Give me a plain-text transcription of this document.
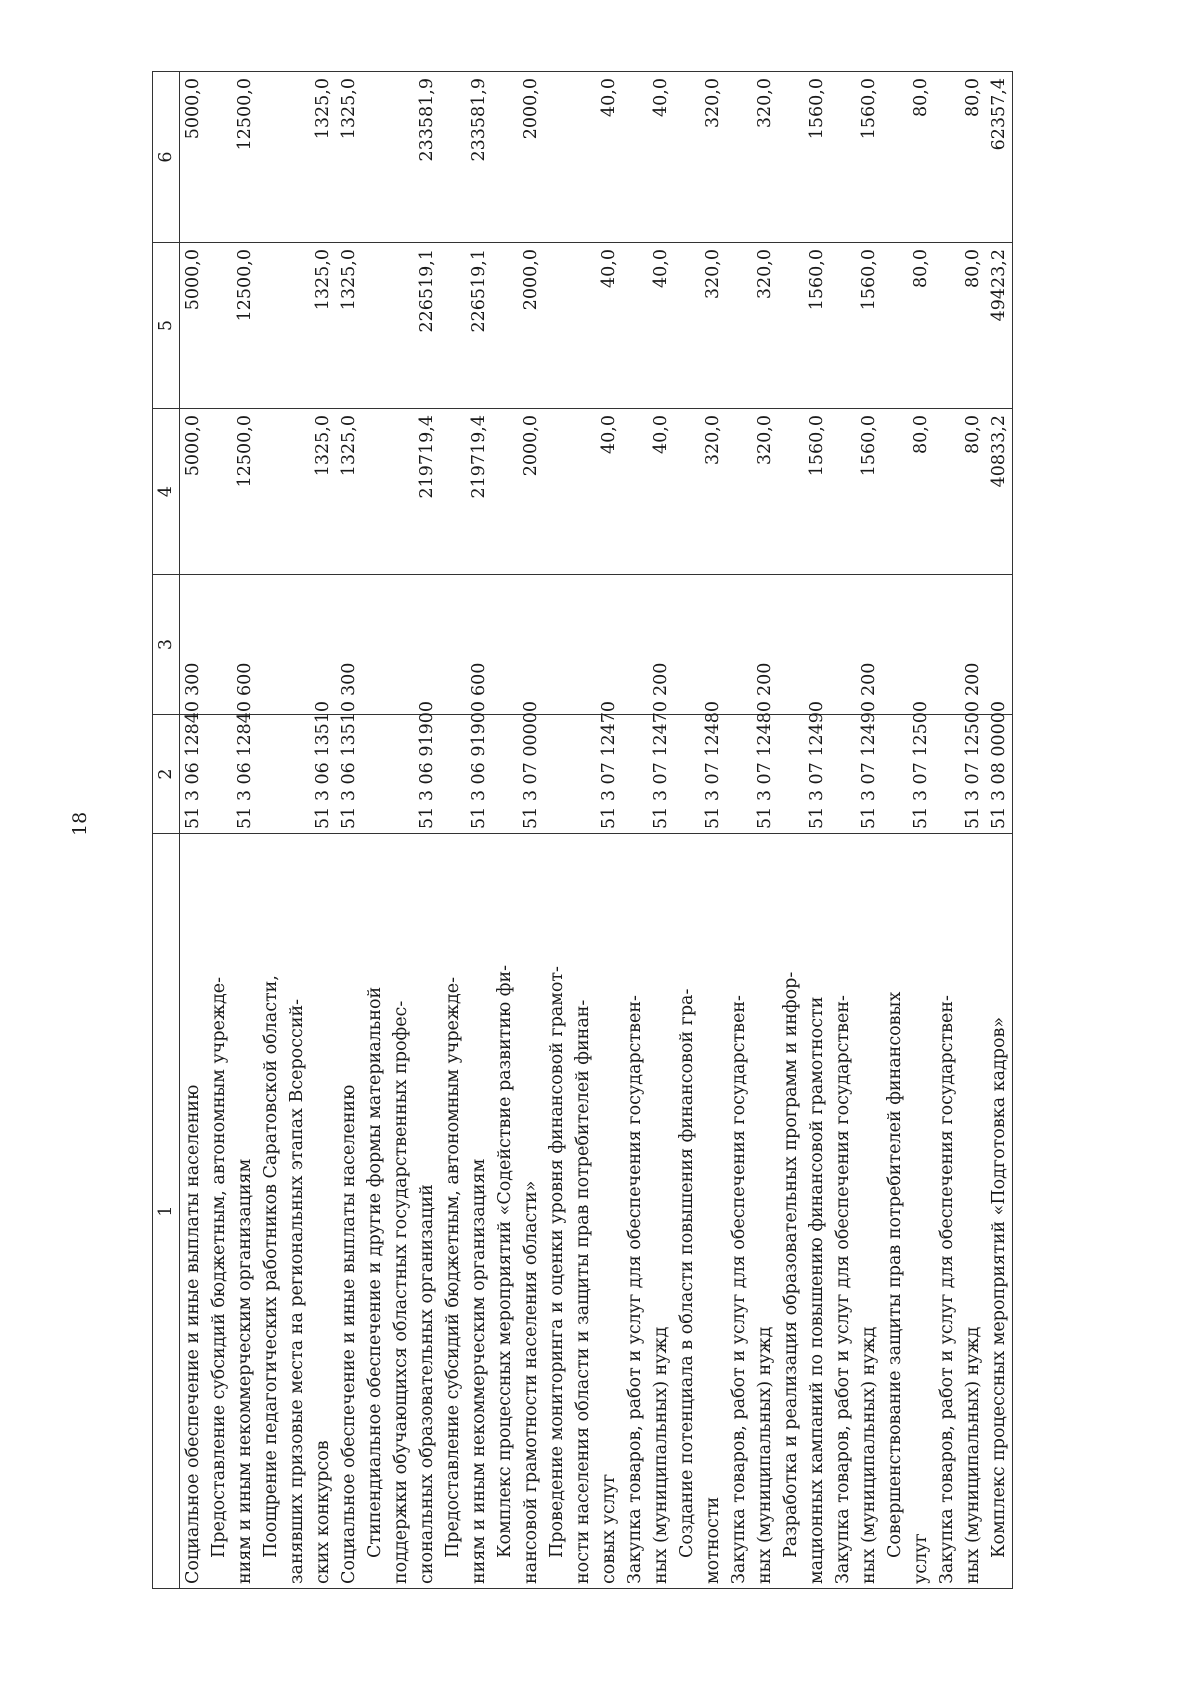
18
1	2	3	4	5	6

Социальное обеспечение и иные выплаты населению	51 3 06 12840	300	5000,0	5000,0	5000,0

Предоставление субсидий бюджетным, автономным учрежде- ниям и иным некоммерческим организациям	51 3 06 12840	600	12500,0	12500,0	12500,0

Поощрение педагогических работников Саратовской области, занявших призовые места на региональных этапах Всероссий- ских конкурсов	51 3 06 13510		1325,0	1325,0	1325,0

Социальное обеспечение и иные выплаты населению	51 3 06 13510	300	1325,0	1325,0	1325,0

Стипендиальное обеспечение и другие формы материальной поддержки обучающихся областных государственных профес- сиональных образовательных организаций	51 3 06 91900		219719,4	226519,1	233581,9

Предоставление субсидий бюджетным, автономным учрежде- ниям и иным некоммерческим организациям	51 3 06 91900	600	219719,4	226519,1	233581,9

Комплекс процессных мероприятий «Содействие развитию фи- нансовой грамотности населения области»	51 3 07 00000		2000,0	2000,0	2000,0

Проведение мониторинга и оценки уровня финансовой грамот- ности населения области и защиты прав потребителей финан- совых услуг	51 3 07 12470		40,0	40,0	40,0

Закупка товаров, работ и услуг для обеспечения государствен- ных (муниципальных) нужд	51 3 07 12470	200	40,0	40,0	40,0

Создание потенциала в области повышения финансовой гра- мотности	51 3 07 12480		320,0	320,0	320,0

Закупка товаров, работ и услуг для обеспечения государствен- ных (муниципальных) нужд	51 3 07 12480	200	320,0	320,0	320,0

Разработка и реализация образовательных программ и инфор- мационных кампаний по повышению финансовой грамотности	51 3 07 12490		1560,0	1560,0	1560,0

Закупка товаров, работ и услуг для обеспечения государствен- ных (муниципальных) нужд	51 3 07 12490	200	1560,0	1560,0	1560,0

Совершенствование защиты прав потребителей финансовых
услуг	51 3 07 12500		80,0	80,0	80,0

Закупка товаров, работ и услуг для обеспечения государствен- ных (муниципальных) нужд	51 3 07 12500	200	80,0	80,0	80,0

Комплекс процессных мероприятий «Подготовка кадров»	51 3 08 00000		40833,2	49423,2	62357,4
